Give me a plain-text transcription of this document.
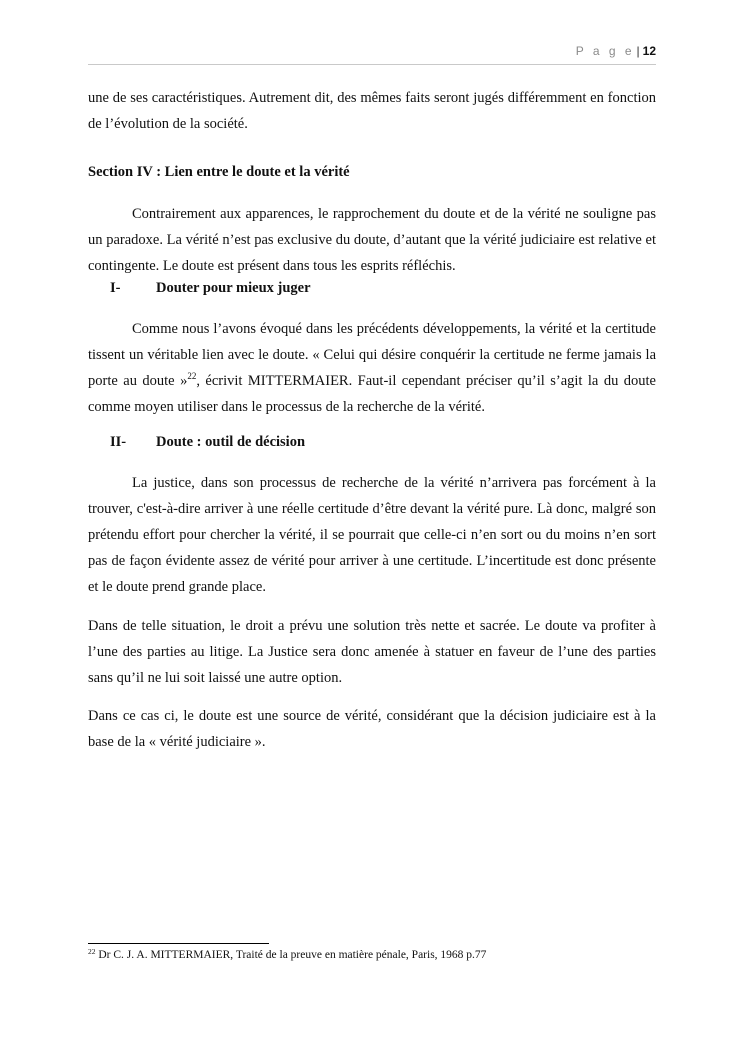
P a g e | 12

une de ses caractéristiques. Autrement dit, des mêmes faits seront jugés différemment en fonction de l’évolution de la société.

Section IV : Lien entre le doute et la vérité

Contrairement aux apparences, le rapprochement du doute et de la vérité ne souligne pas un paradoxe. La vérité n’est pas exclusive du doute, d’autant que la vérité judiciaire est relative et contingente. Le doute est présent dans tous les esprits réfléchis.

I- Douter pour mieux juger

Comme nous l’avons évoqué dans les précédents développements, la vérité et la certitude tissent un véritable lien avec le doute. « Celui qui désire conquérir la certitude ne ferme jamais la porte au doute »$^{22}$, écrivit MITTERMAIER. Faut-il cependant préciser qu’il s’agit la du doute comme moyen utiliser dans le processus de la recherche de la vérité.

II- Doute : outil de décision

La justice, dans son processus de recherche de la vérité n’arrivera pas forcément à la trouver, c'est-à-dire arriver à une réelle certitude d’être devant la vérité pure. Là donc, malgré son prétendu effort pour chercher la vérité, il se pourrait que celle-ci n’en sort ou du moins n’en sort pas de façon évidente assez de vérité pour arriver à une certitude. L’incertitude est donc présente et le doute prend grande place.

Dans de telle situation, le droit a prévu une solution très nette et sacrée. Le doute va profiter à l’une des parties au litige. La Justice sera donc amenée à statuer en faveur de l’une des parties sans qu’il ne lui soit laissé une autre option.

Dans ce cas ci, le doute est une source de vérité, considérant que la décision judiciaire est à la base de la « vérité judiciaire ».

$^{22}$ Dr C. J. A. MITTERMAIER, Traité de la preuve en matière pénale, Paris, 1968 p.77
